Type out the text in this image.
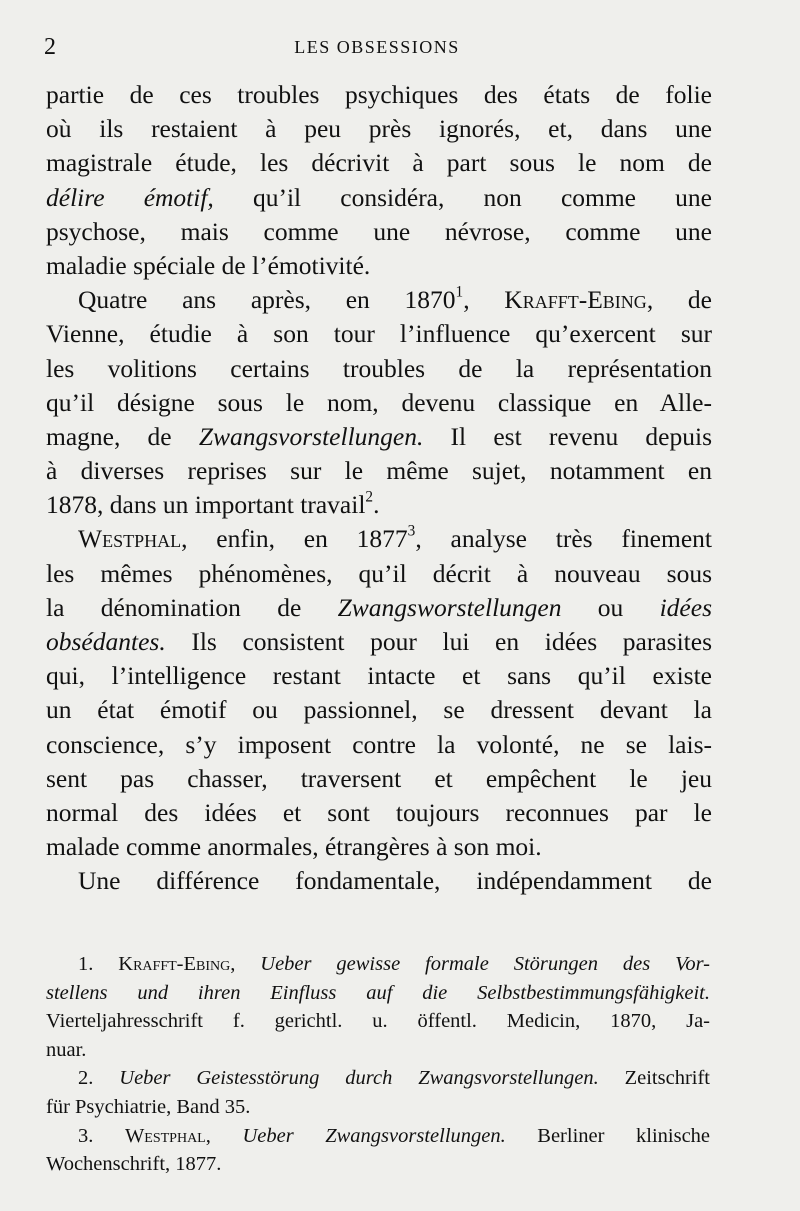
2	LES OBSESSIONS
partie de ces troubles psychiques des états de folie
où ils restaient à peu près ignorés, et, dans une
magistrale étude, les décrivit à part sous le nom de
délire émotif, qu’il considéra, non comme une
psychose, mais comme une névrose, comme une
maladie spéciale de l’émotivité.
Quatre ans après, en 1870$^1$, Krafft-Ebing, de
Vienne, étudie à son tour l’influence qu’exercent sur
les volitions certains troubles de la représentation
qu’il désigne sous le nom, devenu classique en Alle-
magne, de Zwangsvorstellungen. Il est revenu depuis
à diverses reprises sur le même sujet, notamment en
1878, dans un important travail$^2$.
Westphal, enfin, en 1877$^3$, analyse très finement
les mêmes phénomènes, qu’il décrit à nouveau sous
la dénomination de Zwangsworstellungen ou idées
obsédantes. Ils consistent pour lui en idées parasites
qui, l’intelligence restant intacte et sans qu’il existe
un état émotif ou passionnel, se dressent devant la
conscience, s’y imposent contre la volonté, ne se lais-
sent pas chasser, traversent et empêchent le jeu
normal des idées et sont toujours reconnues par le
malade comme anormales, étrangères à son moi.
Une différence fondamentale, indépendamment de
1. Krafft-Ebing, Ueber gewisse formale Störungen des Vor-
stellens und ihren Einfluss auf die Selbstbestimmungsfähigkeit.
Vierteljahresschrift f. gerichtl. u. öffentl. Medicin, 1870, Ja-
nuar.
2. Ueber Geistesstörung durch Zwangsvorstellungen. Zeitschrift
für Psychiatrie, Band 35.
3. Westphal, Ueber Zwangsvorstellungen. Berliner klinische
Wochenschrift, 1877.
